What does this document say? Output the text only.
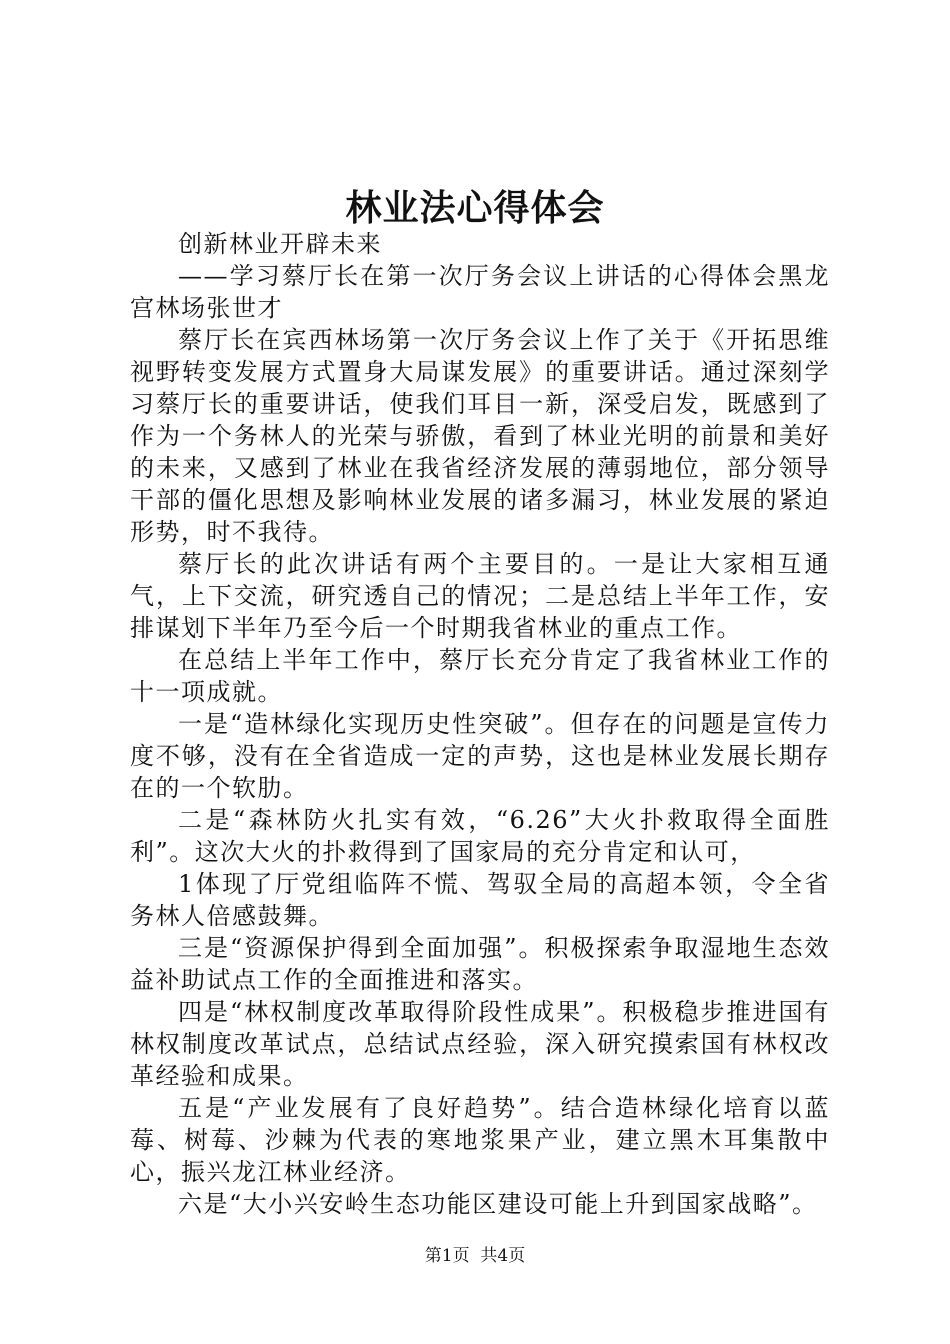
林业法心得体会

创新林业开辟未来

——学习蔡厅长在第一次厅务会议上讲话的心得体会黑龙宫林场张世才

蔡厅长在宾西林场第一次厅务会议上作了关于《开拓思维视野转变发展方式置身大局谋发展》的重要讲话。通过深刻学习蔡厅长的重要讲话，使我们耳目一新，深受启发，既感到了作为一个务林人的光荣与骄傲，看到了林业光明的前景和美好的未来，又感到了林业在我省经济发展的薄弱地位，部分领导干部的僵化思想及影响林业发展的诸多漏习，林业发展的紧迫形势，时不我待。

蔡厅长的此次讲话有两个主要目的。一是让大家相互通气，上下交流，研究透自己的情况；二是总结上半年工作，安排谋划下半年乃至今后一个时期我省林业的重点工作。

在总结上半年工作中，蔡厅长充分肯定了我省林业工作的十一项成就。

一是“造林绿化实现历史性突破”。但存在的问题是宣传力度不够，没有在全省造成一定的声势，这也是林业发展长期存在的一个软肋。

二是“森林防火扎实有效，“6.26”大火扑救取得全面胜利”。这次大火的扑救得到了国家局的充分肯定和认可，

1体现了厅党组临阵不慌、驾驭全局的高超本领，令全省务林人倍感鼓舞。

三是“资源保护得到全面加强”。积极探索争取湿地生态效益补助试点工作的全面推进和落实。

四是“林权制度改革取得阶段性成果”。积极稳步推进国有林权制度改革试点，总结试点经验，深入研究摸索国有林权改革经验和成果。

五是“产业发展有了良好趋势”。结合造林绿化培育以蓝莓、树莓、沙棘为代表的寒地浆果产业，建立黑木耳集散中心，振兴龙江林业经济。

六是“大小兴安岭生态功能区建设可能上升到国家战略”。

第1页 共4页
